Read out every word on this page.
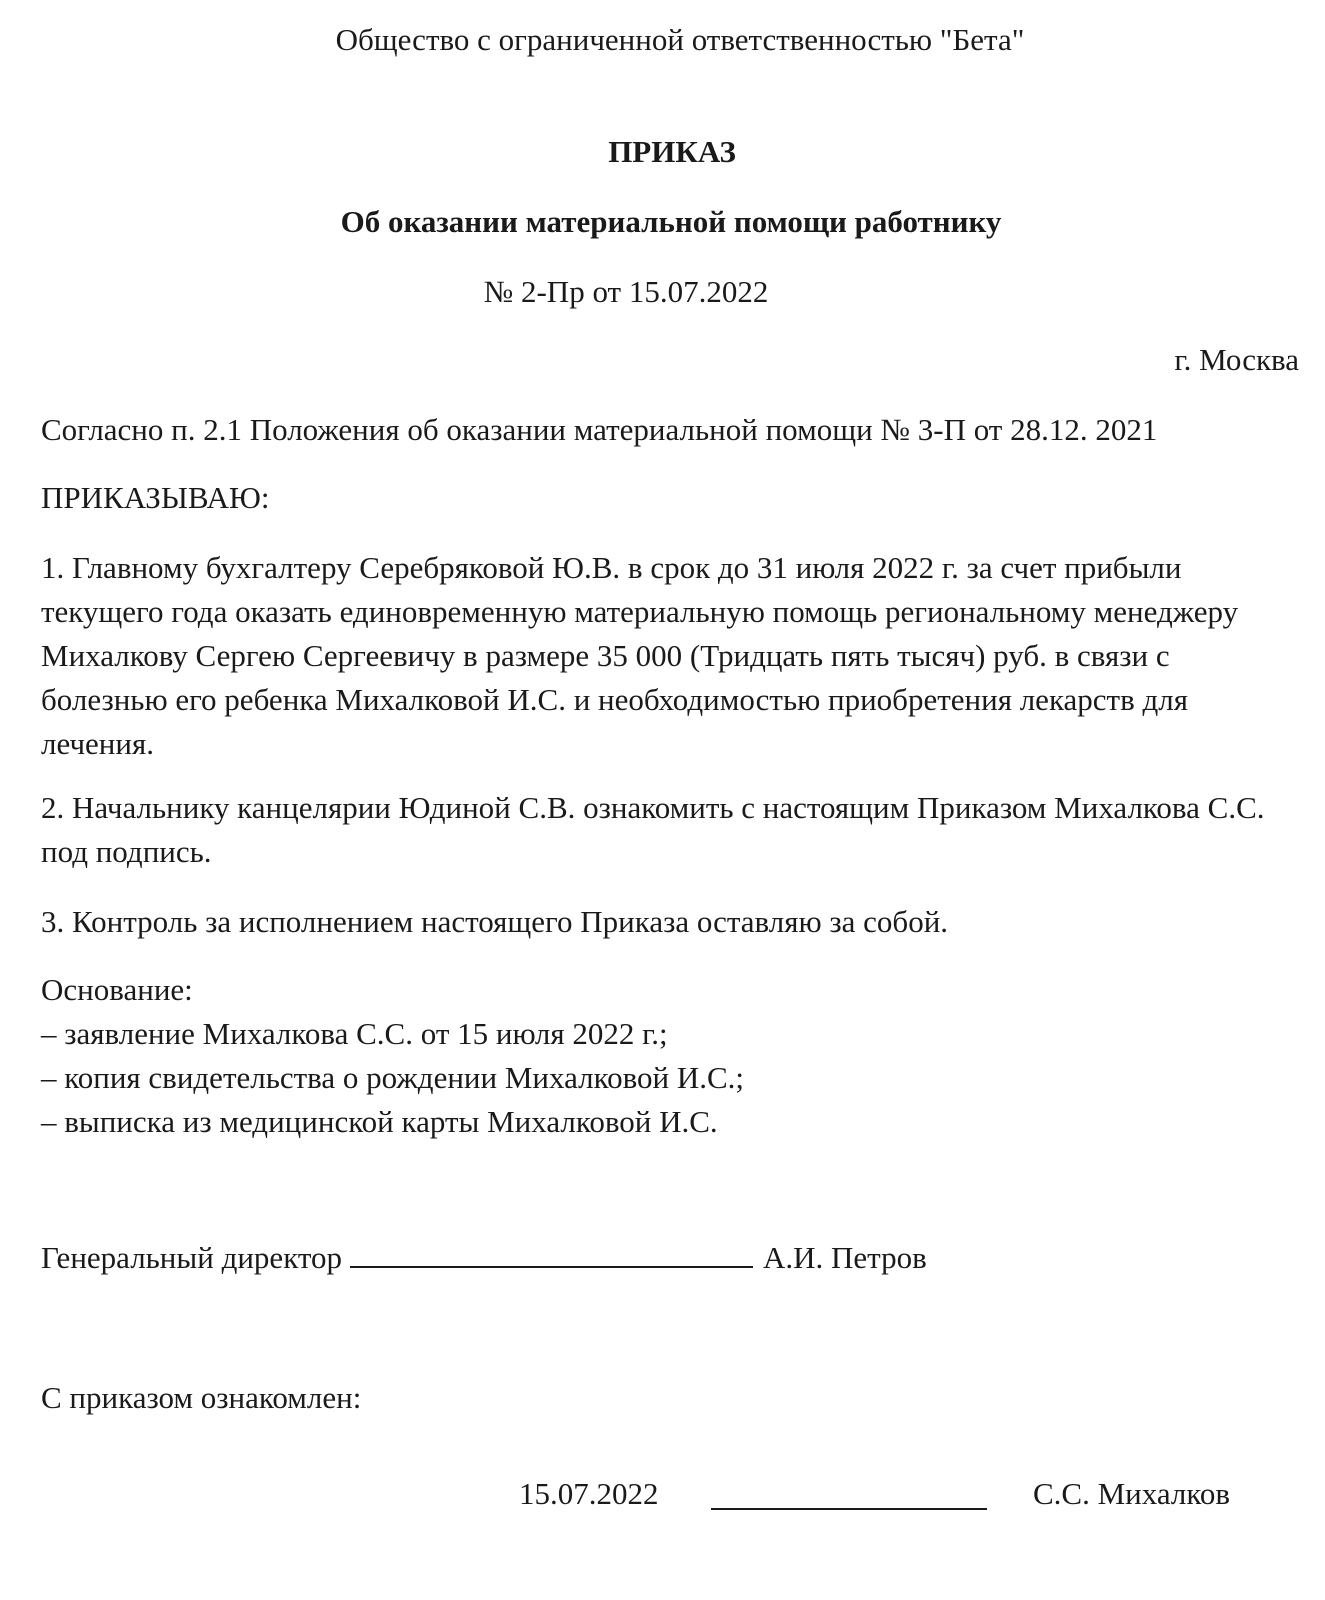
Общество с ограниченной ответственностью "Бета"
ПРИКАЗ
Об оказании материальной помощи работнику
№ 2-Пр от 15.07.2022
г. Москва
Согласно п. 2.1 Положения об оказании материальной помощи № 3-П от 28.12. 2021
ПРИКАЗЫВАЮ:
1. Главному бухгалтеру Серебряковой Ю.В. в срок до 31 июля 2022 г. за счет прибыли текущего года оказать единовременную материальную помощь региональному менеджеру Михалкову Сергею Сергеевичу в размере 35 000 (Тридцать пять тысяч) руб. в связи с болезнью его ребенка Михалковой И.С. и необходимостью приобретения лекарств для лечения.
2. Начальнику канцелярии Юдиной С.В. ознакомить с настоящим Приказом Михалкова С.С. под подпись.
3. Контроль за исполнением настоящего Приказа оставляю за собой.
Основание:
– заявление Михалкова С.С. от 15 июля 2022 г.;
– копия свидетельства о рождении Михалковой И.С.;
– выписка из медицинской карты Михалковой И.С.
Генеральный директор	А.И. Петров
С приказом ознакомлен:
15.07.2022	С.С. Михалков
